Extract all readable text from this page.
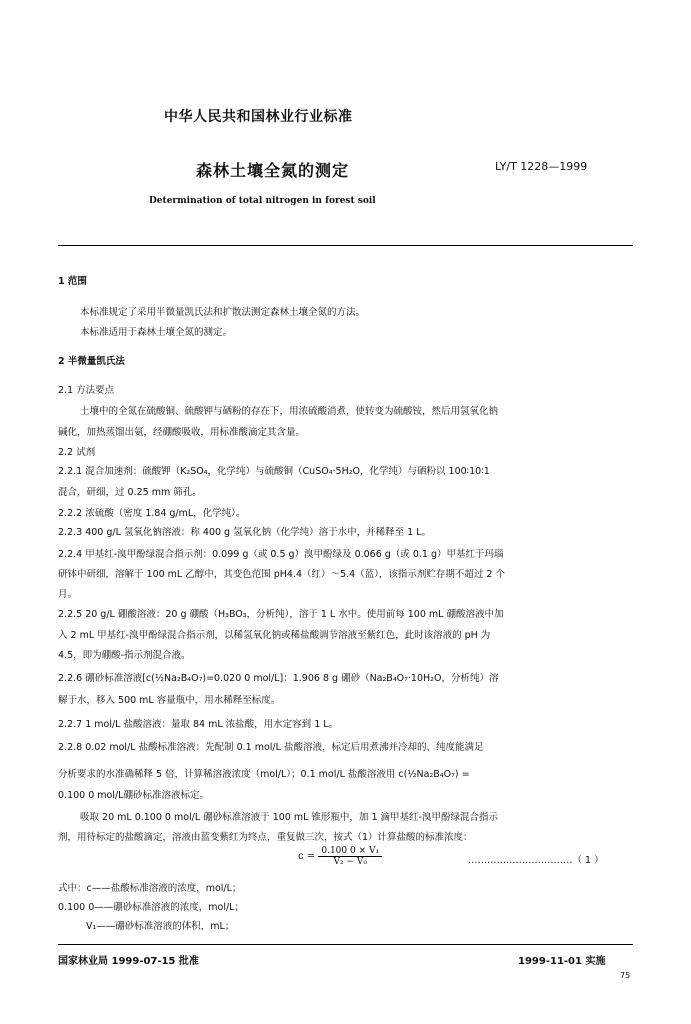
中华人民共和国林业行业标准
森林土壤全氮的测定	LY/T 1228—1999
Determination of total nitrogen in forest soil
1 范围
本标准规定了采用半微量凯氏法和扩散法测定森林土壤全氮的方法。
本标准适用于森林土壤全氮的测定。
2 半微量凯氏法
2.1 方法要点
土壤中的全氮在硫酸铜、硫酸钾与硒粉的存在下，用浓硫酸消煮，使转变为硫酸铵，然后用氢氧化钠
碱化，加热蒸馏出氨，经硼酸吸收，用标准酸滴定其含量。
2.2 试剂
2.2.1 混合加速剂：硫酸钾（K₂SO₄，化学纯）与硫酸铜（CuSO₄·5H₂O，化学纯）与硒粉以 100∶10∶1
混合，研细，过 0.25 mm 筛孔。
2.2.2 浓硫酸（密度 1.84 g/mL，化学纯）。
2.2.3 400 g/L 氢氧化钠溶液：称 400 g 氢氧化钠（化学纯）溶于水中，并稀释至 1 L。
2.2.4 甲基红-溴甲酚绿混合指示剂：0.099 g（或 0.5 g）溴甲酚绿及 0.066 g（或 0.1 g）甲基红于玛瑙
研钵中研细，溶解于 100 mL 乙醇中，其变色范围 pH4.4（红）～5.4（蓝），该指示剂贮存期不超过 2 个
月。
2.2.5 20 g/L 硼酸溶液：20 g 硼酸（H₃BO₃，分析纯），溶于 1 L 水中。使用前每 100 mL 硼酸溶液中加
入 2 mL 甲基红-溴甲酚绿混合指示剂，以稀氢氧化钠或稀盐酸调节溶液至紫红色，此时该溶液的 pH 为
4.5，即为硼酸-指示剂混合液。
2.2.6 硼砂标准溶液[c(½Na₂B₄O₇)=0.020 0 mol/L]：1.906 8 g 硼砂（Na₂B₄O₇·10H₂O，分析纯）溶
解于水，移入 500 mL 容量瓶中，用水稀释至标度。
2.2.7 1 mol/L 盐酸溶液：量取 84 mL 浓盐酸，用水定容到 1 L。
2.2.8 0.02 mol/L 盐酸标准溶液：先配制 0.1 mol/L 盐酸溶液，标定后用煮沸并冷却的、纯度能满足
分析要求的水准确稀释 5 倍，计算稀溶液浓度（mol/L）；0.1 mol/L 盐酸溶液用 c(½Na₂B₄O₇) =
0.100 0 mol/L硼砂标准溶液标定。
吸取 20 mL 0.100 0 mol/L 硼砂标准溶液于 100 mL 锥形瓶中，加 1 滴甲基红-溴甲酚绿混合指示
剂，用待标定的盐酸滴定，溶液由蓝变紫红为终点，重复做三次，按式（1）计算盐酸的标准浓度：
$c = \frac{\text{0.100 0 × V₁}}{\text{V₂ − V₀}}$	……………………………（ 1 ）
式中：c——盐酸标准溶液的浓度，mol/L；
0.100 0——硼砂标准溶液的浓度，mol/L；
V₁——硼砂标准溶液的体积，mL；
国家林业局 1999-07-15 批准	1999-11-01 实施
75
